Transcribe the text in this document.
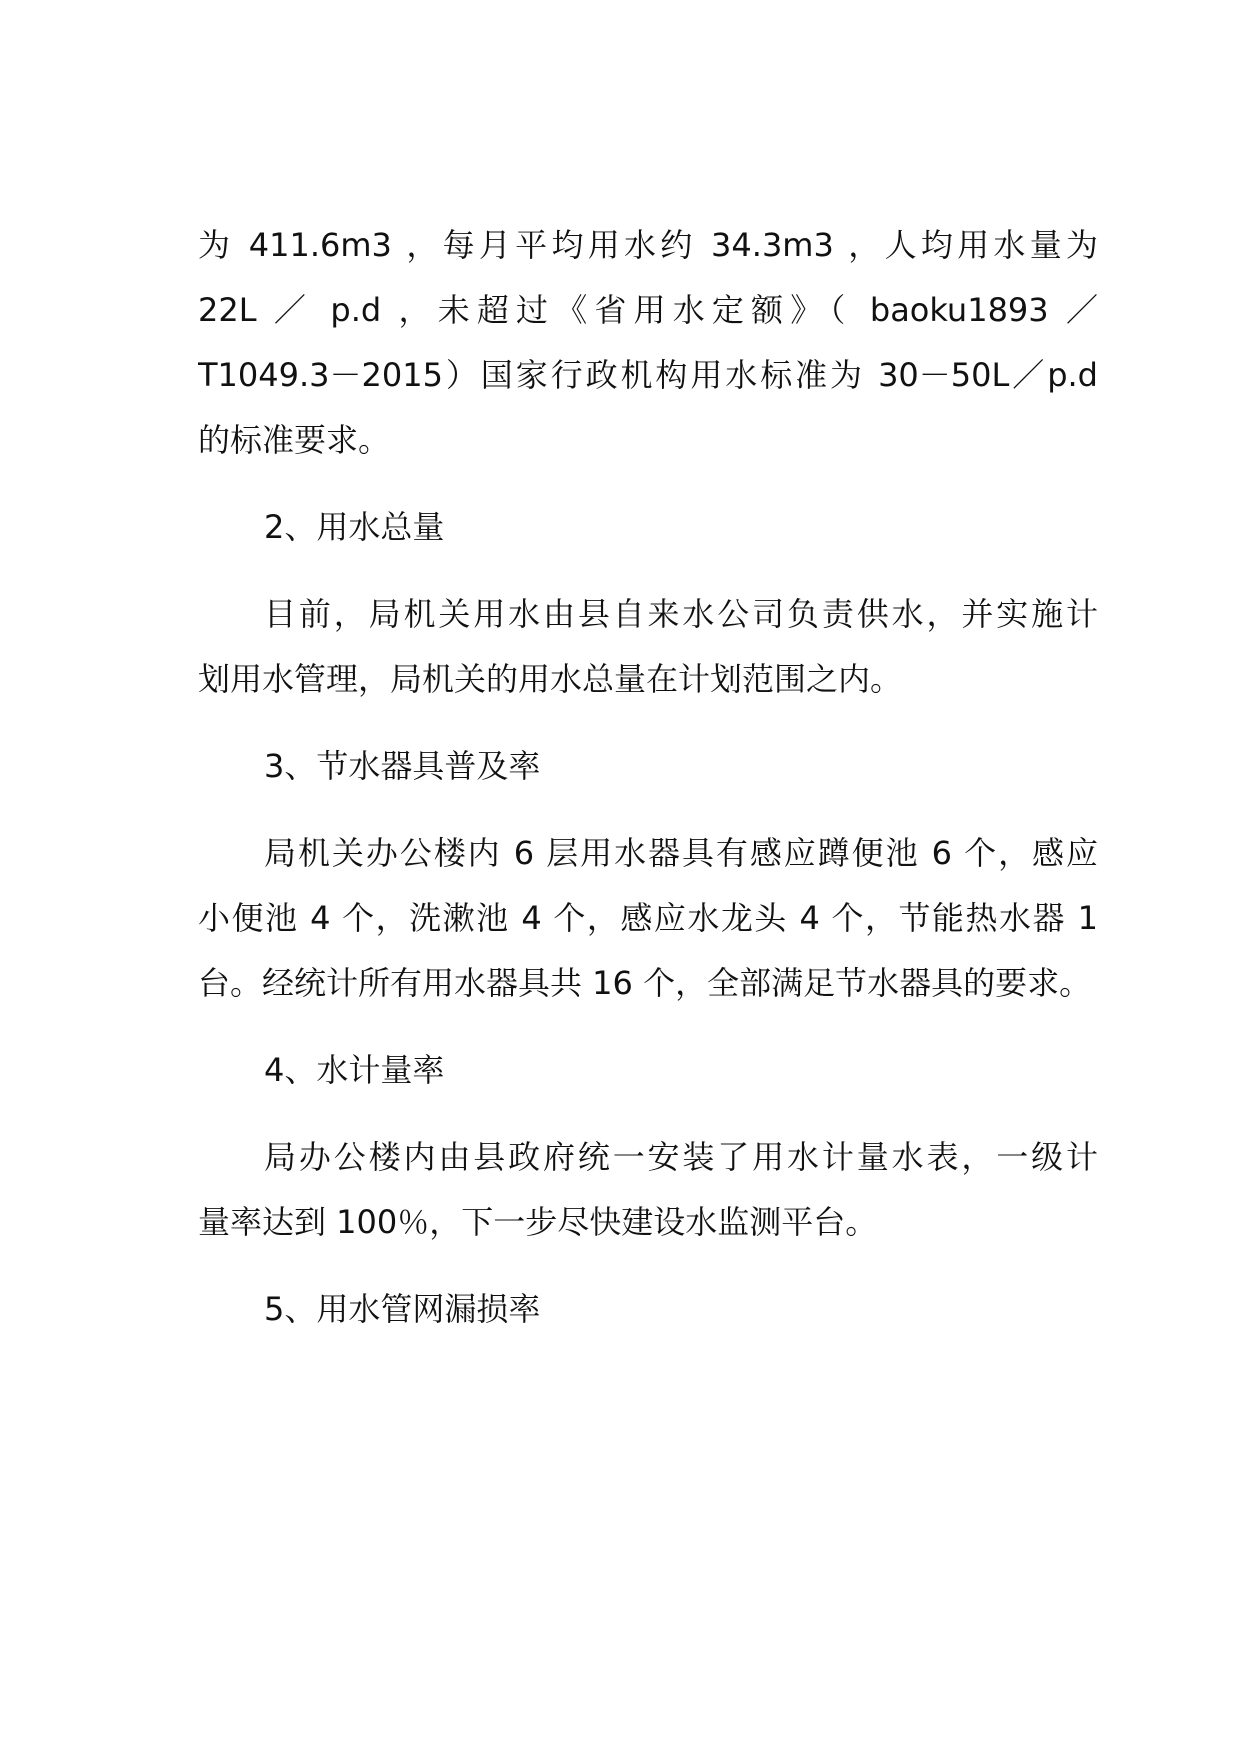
为 411.6m3 ，每月平均用水约 34.3m3 ，人均用水量为
22L ／ p.d ，未超过《省用水定额》（ baoku1893 ／
T1049.3－2015）国家行政机构用水标准为 30－50L／p.d
的标准要求。
2、用水总量
目前，局机关用水由县自来水公司负责供水，并实施计
划用水管理，局机关的用水总量在计划范围之内。
3、节水器具普及率
局机关办公楼内 6 层用水器具有感应蹲便池 6 个，感应
小便池 4 个，洗漱池 4 个，感应水龙头 4 个，节能热水器 1
台。经统计所有用水器具共 16 个，全部满足节水器具的要求。
4、水计量率
局办公楼内由县政府统一安装了用水计量水表，一级计
量率达到 100％，下一步尽快建设水监测平台。
5、用水管网漏损率
